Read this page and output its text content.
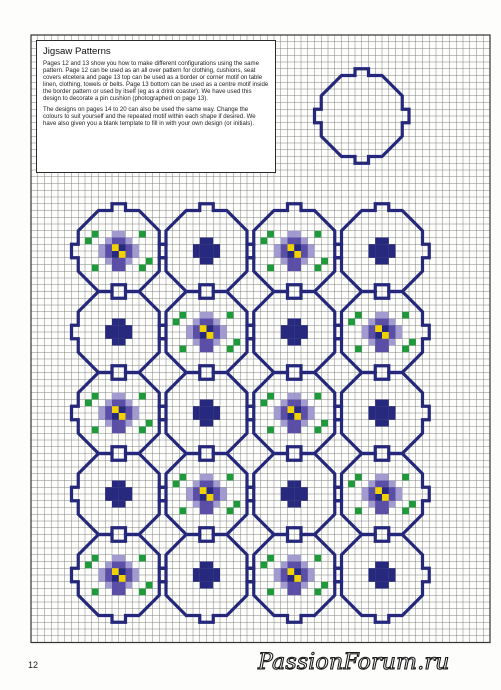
Jigsaw Patterns

Pages 12 and 13 show you how to make different configurations using the same pattern. Page 12 can be used as an all over pattern for clothing, cushions, seat covers etcetera and page 13 top can be used as a border or corner motif on table linen, clothing, towels or belts. Page 13 bottom can be used as a centre motif inside the border pattern or used by itself (eg as a drink coaster). We have used this design to decorate a pin cushion (photographed on page 13).

The designs on pages 14 to 20 can also be used the same way. Change the colours to suit yourself and the repeated motif within each shape if desired. We have also given you a blank template to fill in with your own design (or initials).

12	PassionForum.ru
